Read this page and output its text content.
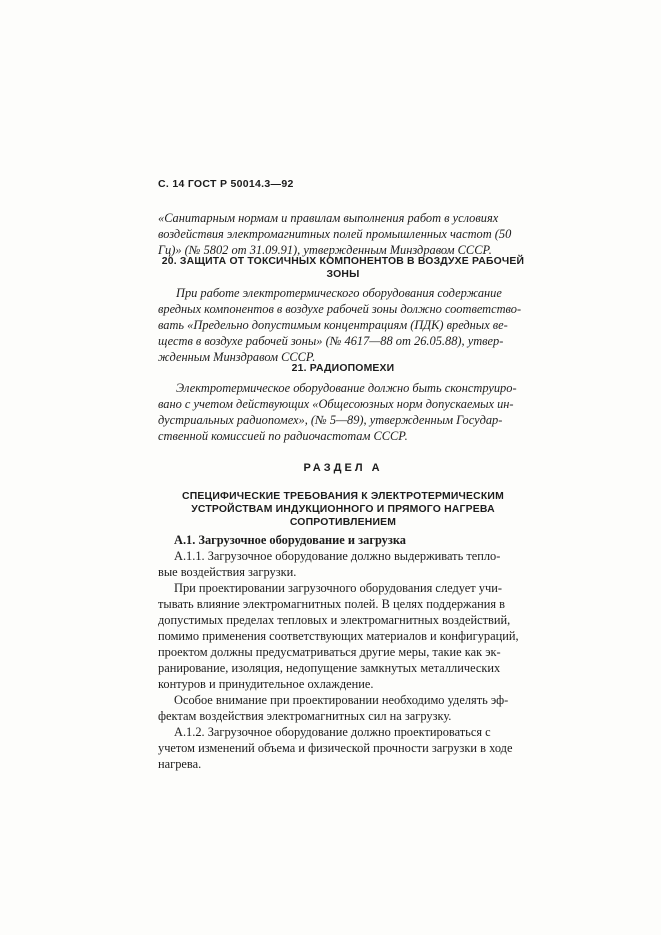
С. 14 ГОСТ Р 50014.3—92
«Санитарным нормам и правилам выполнения работ в условиях
воздействия электромагнитных полей промышленных частот (50
Гц)» (№ 5802 от 31.09.91), утвержденным Минздравом СССР.
20. ЗАЩИТА ОТ ТОКСИЧНЫХ КОМПОНЕНТОВ В ВОЗДУХЕ РАБОЧЕЙ
ЗОНЫ
При работе электротермического оборудования содержание
вредных компонентов в воздухе рабочей зоны должно соответство-
вать «Предельно допустимым концентрациям (ПДК) вредных ве-
ществ в воздухе рабочей зоны» (№ 4617—88 от 26.05.88), утвер-
жденным Минздравом СССР.
21. РАДИОПОМЕХИ
Электротермическое оборудование должно быть сконструиро-
вано с учетом действующих «Общесоюзных норм допускаемых ин-
дустриальных радиопомех», (№ 5—89), утвержденным Государ-
ственной комиссией по радиочастотам СССР.
РАЗДЕЛ А
СПЕЦИФИЧЕСКИЕ ТРЕБОВАНИЯ К ЭЛЕКТРОТЕРМИЧЕСКИМ
УСТРОЙСТВАМ ИНДУКЦИОННОГО И ПРЯМОГО НАГРЕВА
СОПРОТИВЛЕНИЕМ
А.1. Загрузочное оборудование и загрузка
А.1.1. Загрузочное оборудование должно выдерживать тепло-
вые воздействия загрузки.
При проектировании загрузочного оборудования следует учи-
тывать влияние электромагнитных полей. В целях поддержания в
допустимых пределах тепловых и электромагнитных воздействий,
помимо применения соответствующих материалов и конфигураций,
проектом должны предусматриваться другие меры, такие как эк-
ранирование, изоляция, недопущение замкнутых металлических
контуров и принудительное охлаждение.
Особое внимание при проектировании необходимо уделять эф-
фектам воздействия электромагнитных сил на загрузку.
А.1.2. Загрузочное оборудование должно проектироваться с
учетом изменений объема и физической прочности загрузки в ходе
нагрева.
